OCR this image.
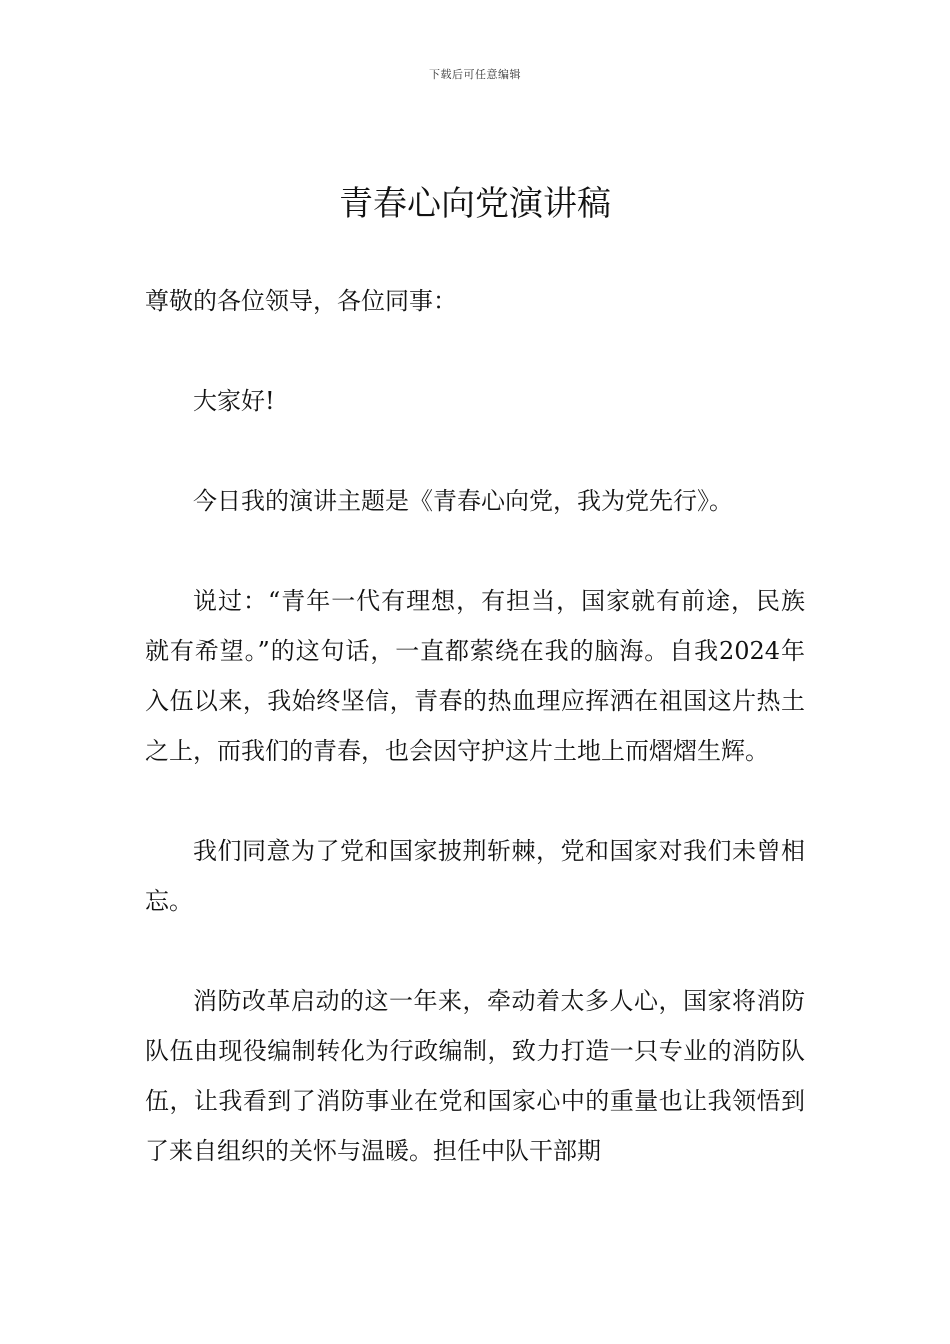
下载后可任意编辑
青春心向党演讲稿

尊敬的各位领导，各位同事：

大家好!

今日我的演讲主题是《青春心向党，我为党先行》。

说过：“青年一代有理想，有担当，国家就有前途，民族就有希望。”的这句话，一直都萦绕在我的脑海。自我2024年入伍以来，我始终坚信，青春的热血理应挥洒在祖国这片热土之上，而我们的青春，也会因守护这片土地上而熠熠生辉。

我们同意为了党和国家披荆斩棘，党和国家对我们未曾相忘。

消防改革启动的这一年来，牵动着太多人心，国家将消防队伍由现役编制转化为行政编制，致力打造一只专业的消防队伍，让我看到了消防事业在党和国家心中的重量也让我领悟到了来自组织的关怀与温暖。担任中队干部期
